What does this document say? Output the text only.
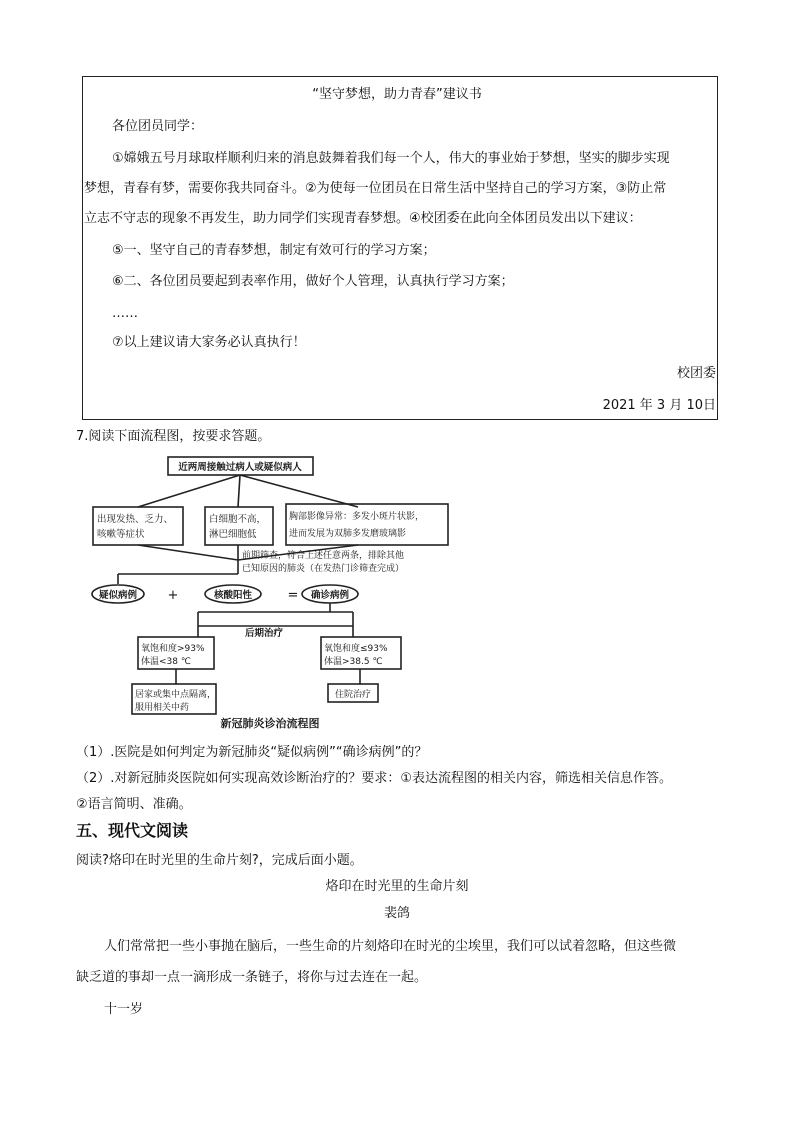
“坚守梦想，助力青春”建议书
各位团员同学：
①嫦娥五号月球取样顺利归来的消息鼓舞着我们每一个人，伟大的事业始于梦想，坚实的脚步实现
梦想，青春有梦，需要你我共同奋斗。②为使每一位团员在日常生活中坚持自己的学习方案，③防止常
立志不守志的现象不再发生，助力同学们实现青春梦想。④校团委在此向全体团员发出以下建议：
⑤一、坚守自己的青春梦想，制定有效可行的学习方案；
⑥二、各位团员要起到表率作用，做好个人管理，认真执行学习方案；
……
⑦以上建议请大家务必认真执行！
校团委
2021 年 3 月 10日
7.阅读下面流程图，按要求答题。
近两周接触过病人或疑似病人
出现发热、乏力、
咳嗽等症状
白细胞不高，
淋巴细胞低
胸部影像异常：多发小斑片状影，
进而发展为双肺多发磨玻璃影
前期筛查，符合上述任意两条，排除其他
已知原因的肺炎（在发热门诊筛查完成）
疑似病例 +	核酸阳性	= 确诊病例
后期治疗
氧饱和度>93%
体温<38 ℃
氧饱和度≤93%
体温>38.5 ℃
居家或集中点隔离，
服用相关中药
住院治疗
新冠肺炎诊治流程图
（1）.医院是如何判定为新冠肺炎“疑似病例”“确诊病例”的？
（2）.对新冠肺炎医院如何实现高效诊断治疗的？要求：①表达流程图的相关内容，筛选相关信息作答。
②语言简明、准确。
五、现代文阅读
阅读?烙印在时光里的生命片刻?，完成后面小题。
烙印在时光里的生命片刻
裴鸽
人们常常把一些小事抛在脑后，一些生命的片刻烙印在时光的尘埃里，我们可以试着忽略，但这些微
缺乏道的事却一点一滴形成一条链子，将你与过去连在一起。
十一岁
